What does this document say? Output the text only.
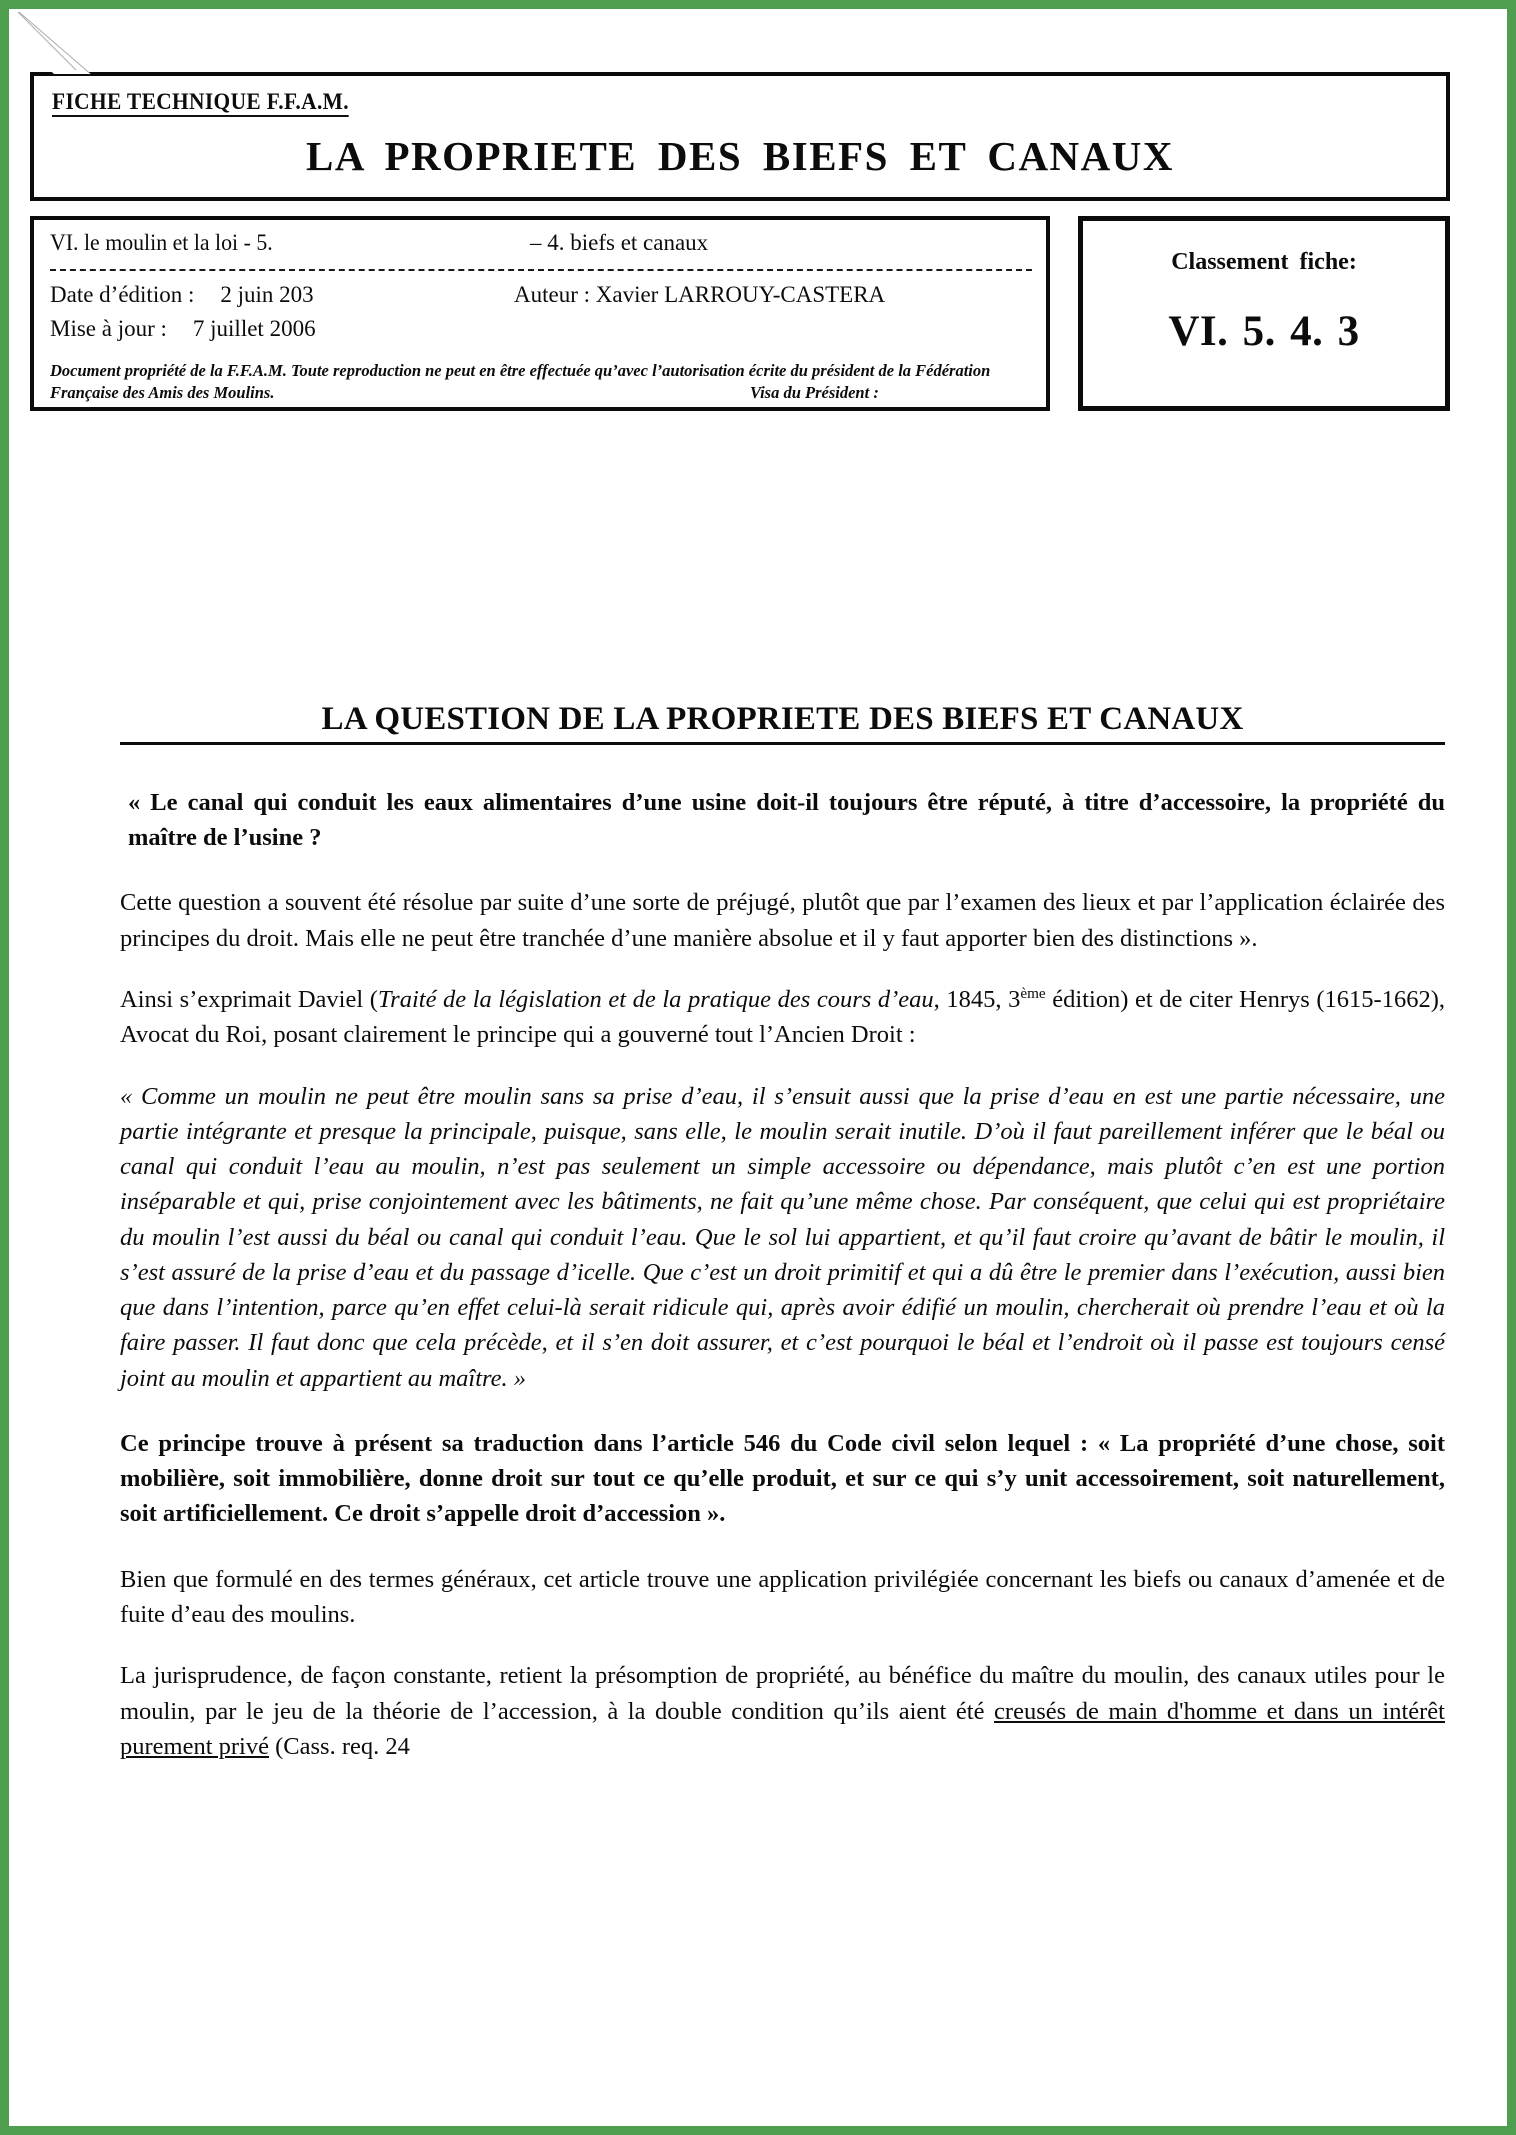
FICHE TECHNIQUE F.F.A.M.
LA PROPRIETE DES BIEFS ET CANAUX
VI. le moulin et la loi - 5.	– 4. biefs et canaux
Date d’édition : 2 juin 203	Auteur : Xavier LARROUY-CASTERA
Mise à jour : 7 juillet 2006
Document propriété de la F.F.A.M. Toute reproduction ne peut en être effectuée qu’avec l’autorisation écrite du président de la Fédération Française des Amis des Moulins.	Visa du Président :
Classement fiche:
VI. 5. 4. 3
LA QUESTION DE LA PROPRIETE DES BIEFS ET CANAUX

« Le canal qui conduit les eaux alimentaires d’une usine doit-il toujours être réputé, à titre d’accessoire, la propriété du maître de l’usine ?

Cette question a souvent été résolue par suite d’une sorte de préjugé, plutôt que par l’examen des lieux et par l’application éclairée des principes du droit. Mais elle ne peut être tranchée d’une manière absolue et il y faut apporter bien des distinctions ».

Ainsi s’exprimait Daviel (Traité de la législation et de la pratique des cours d’eau, 1845, 3ème édition) et de citer Henrys (1615-1662), Avocat du Roi, posant clairement le principe qui a gouverné tout l’Ancien Droit :

« Comme un moulin ne peut être moulin sans sa prise d’eau, il s’ensuit aussi que la prise d’eau en est une partie nécessaire, une partie intégrante et presque la principale, puisque, sans elle, le moulin serait inutile. D’où il faut pareillement inférer que le béal ou canal qui conduit l’eau au moulin, n’est pas seulement un simple accessoire ou dépendance, mais plutôt c’en est une portion inséparable et qui, prise conjointement avec les bâtiments, ne fait qu’une même chose. Par conséquent, que celui qui est propriétaire du moulin l’est aussi du béal ou canal qui conduit l’eau. Que le sol lui appartient, et qu’il faut croire qu’avant de bâtir le moulin, il s’est assuré de la prise d’eau et du passage d’icelle. Que c’est un droit primitif et qui a dû être le premier dans l’exécution, aussi bien que dans l’intention, parce qu’en effet celui-là serait ridicule qui, après avoir édifié un moulin, chercherait où prendre l’eau et où la faire passer. Il faut donc que cela précède, et il s’en doit assurer, et c’est pourquoi le béal et l’endroit où il passe est toujours censé joint au moulin et appartient au maître. »

Ce principe trouve à présent sa traduction dans l’article 546 du Code civil selon lequel : « La propriété d’une chose, soit mobilière, soit immobilière, donne droit sur tout ce qu’elle produit, et sur ce qui s’y unit accessoirement, soit naturellement, soit artificiellement. Ce droit s’appelle droit d’accession ».

Bien que formulé en des termes généraux, cet article trouve une application privilégiée concernant les biefs ou canaux d’amenée et de fuite d’eau des moulins.

La jurisprudence, de façon constante, retient la présomption de propriété, au bénéfice du maître du moulin, des canaux utiles pour le moulin, par le jeu de la théorie de l’accession, à la double condition qu’ils aient été creusés de main d'homme et dans un intérêt purement privé (Cass. req. 24
